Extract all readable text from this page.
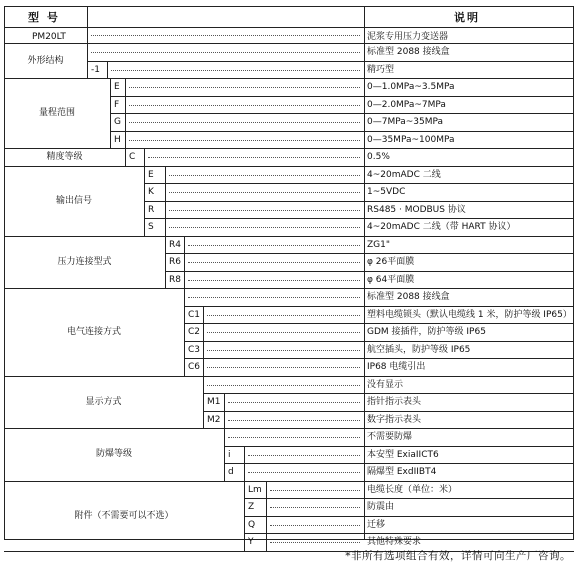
型 号	说明
PM20LT	泥浆专用压力变送器
外形结构
标准型 2088 接线盒
-1	精巧型
量程范围
E	0—1.0MPa~3.5MPa
F	0—2.0MPa~7MPa
G	0—7MPa~35MPa
H	0—35MPa~100MPa
精度等级	C	0.5%
输出信号
E	4~20mADC 二线
K	1~5VDC
R	RS485 · MODBUS 协议
S	4~20mADC 二线（带 HART 协议）
压力连接型式
R4	ZG1"
R6	φ 26平面膜
R8	φ 64平面膜
电气连接方式
标准型 2088 接线盒
C1	塑料电缆锁头（默认电缆线 1 米，防护等级 IP65）
C2	GDM 接插件，防护等级 IP65
C3	航空插头，防护等级 IP65
C6	IP68 电缆引出
显示方式
没有显示
M1	指针指示表头
M2	数字指示表头
防爆等级
不需要防爆
i	本安型 ExiaIICT6
d	隔爆型 ExdIIBT4
附件（不需要可以不选）
Lm	电缆长度（单位：米）
Z	防震由
Q	迁移
Y	其他特殊要求
*非所有选项组合有效，详情可向生产厂咨询。
